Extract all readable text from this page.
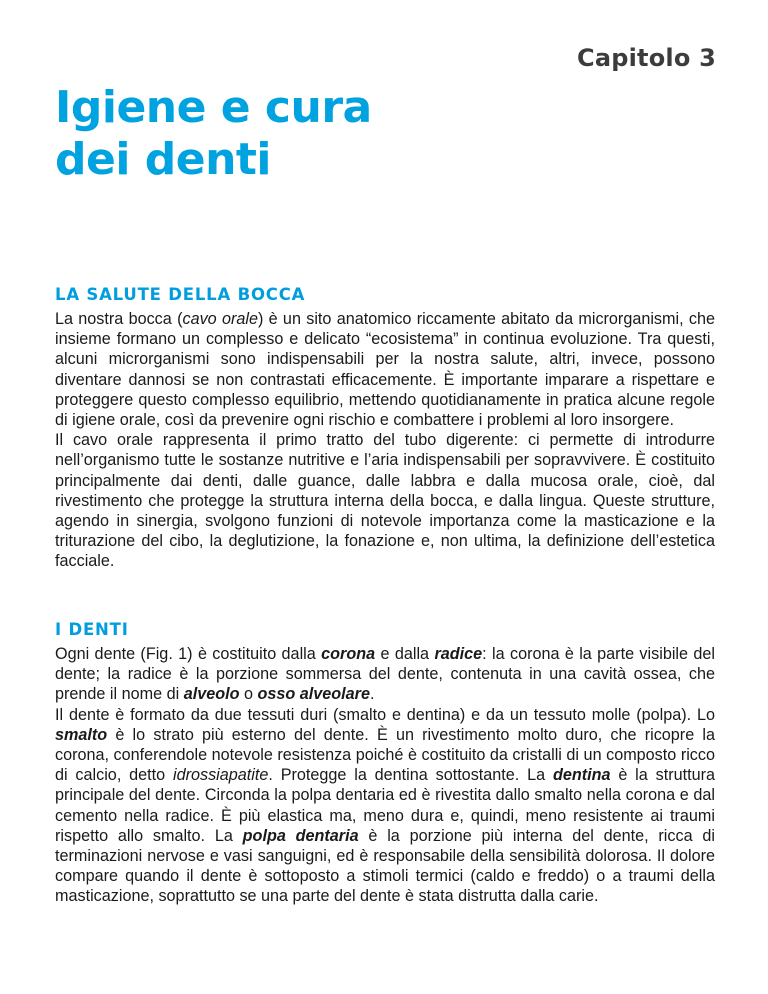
Capitolo 3
Igiene e cura
dei denti
LA SALUTE DELLA BOCCA

La nostra bocca (cavo orale) è un sito anatomico riccamente abitato da microrganismi, che insieme formano un complesso e delicato “ecosistema” in continua evoluzione. Tra questi, alcuni microrganismi sono indispensabili per la nostra salute, altri, invece, possono diventare dannosi se non contrastati efficacemente. È importante imparare a rispettare e proteggere questo complesso equilibrio, mettendo quotidianamente in pratica alcune regole di igiene orale, così da prevenire ogni rischio e combattere i problemi al loro insorgere.

Il cavo orale rappresenta il primo tratto del tubo digerente: ci permette di introdurre nell’organismo tutte le sostanze nutritive e l’aria indispensabili per sopravvivere. È costituito principalmente dai denti, dalle guance, dalle labbra e dalla mucosa orale, cioè, dal rivestimento che protegge la struttura interna della bocca, e dalla lingua. Queste strutture, agendo in sinergia, svolgono funzioni di notevole importanza come la masticazione e la triturazione del cibo, la deglutizione, la fonazione e, non ultima, la definizione dell’estetica facciale.

I DENTI

Ogni dente (Fig. 1) è costituito dalla corona e dalla radice: la corona è la parte visibile del dente; la radice è la porzione sommersa del dente, contenuta in una cavità ossea, che prende il nome di alveolo o osso alveolare.

Il dente è formato da due tessuti duri (smalto e dentina) e da un tessuto molle (polpa). Lo smalto è lo strato più esterno del dente. È un rivestimento molto duro, che ricopre la corona, conferendole notevole resistenza poiché è costituito da cristalli di un composto ricco di calcio, detto idrossiapatite. Protegge la dentina sottostante. La dentina è la struttura principale del dente. Circonda la polpa dentaria ed è rivestita dallo smalto nella corona e dal cemento nella radice. È più elastica ma, meno dura e, quindi, meno resistente ai traumi rispetto allo smalto. La polpa dentaria è la porzione più interna del dente, ricca di terminazioni nervose e vasi sanguigni, ed è responsabile della sensibilità dolorosa. Il dolore compare quando il dente è sottoposto a stimoli termici (caldo e freddo) o a traumi della masticazione, soprattutto se una parte del dente è stata distrutta dalla carie.
